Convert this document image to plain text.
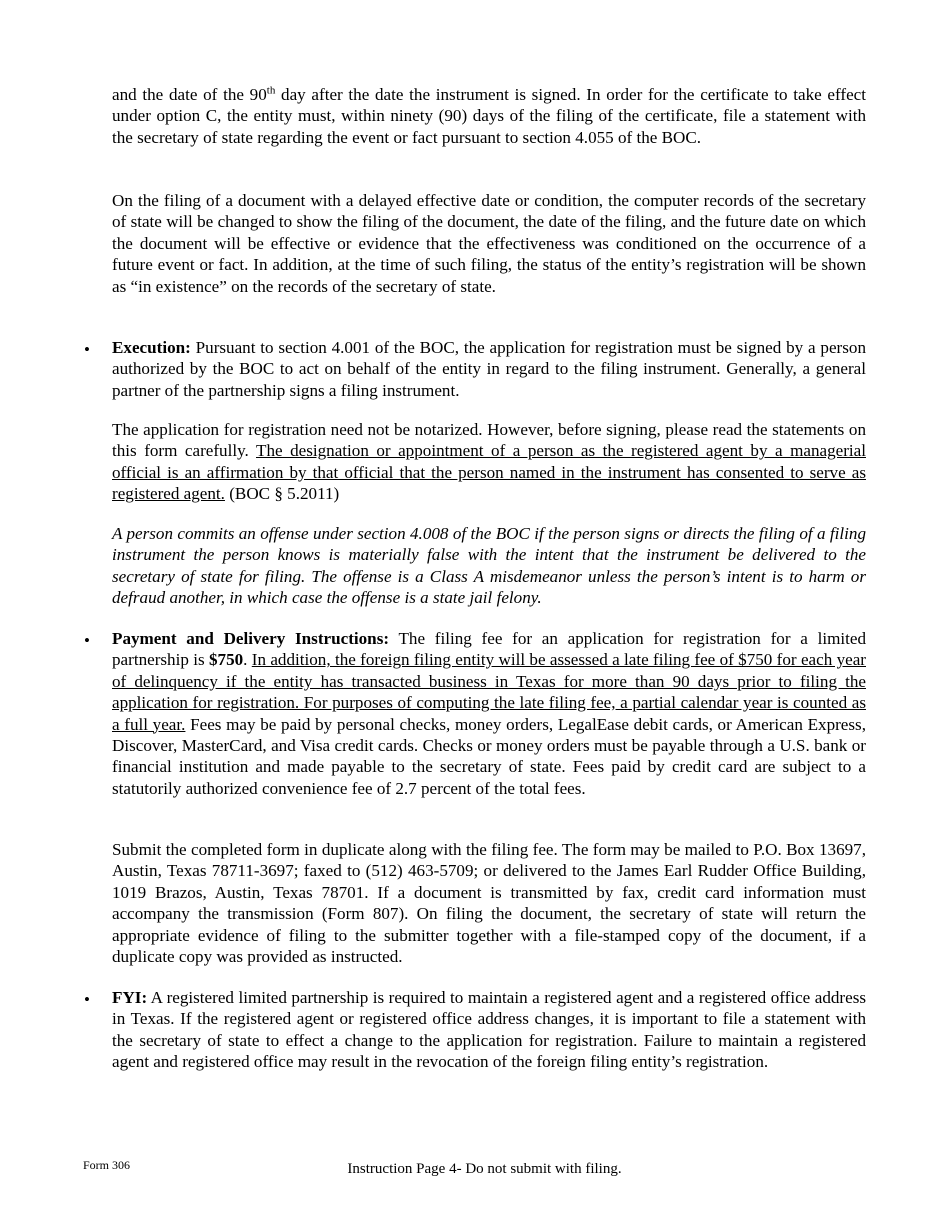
and the date of the 90th day after the date the instrument is signed. In order for the certificate to take effect under option C, the entity must, within ninety (90) days of the filing of the certificate, file a statement with the secretary of state regarding the event or fact pursuant to section 4.055 of the BOC.

On the filing of a document with a delayed effective date or condition, the computer records of the secretary of state will be changed to show the filing of the document, the date of the filing, and the future date on which the document will be effective or evidence that the effectiveness was conditioned on the occurrence of a future event or fact. In addition, at the time of such filing, the status of the entity’s registration will be shown as “in existence” on the records of the secretary of state.

• Execution: Pursuant to section 4.001 of the BOC, the application for registration must be signed by a person authorized by the BOC to act on behalf of the entity in regard to the filing instrument. Generally, a general partner of the partnership signs a filing instrument.

The application for registration need not be notarized. However, before signing, please read the statements on this form carefully. The designation or appointment of a person as the registered agent by a managerial official is an affirmation by that official that the person named in the instrument has consented to serve as registered agent. (BOC § 5.2011)

A person commits an offense under section 4.008 of the BOC if the person signs or directs the filing of a filing instrument the person knows is materially false with the intent that the instrument be delivered to the secretary of state for filing. The offense is a Class A misdemeanor unless the person’s intent is to harm or defraud another, in which case the offense is a state jail felony.

• Payment and Delivery Instructions: The filing fee for an application for registration for a limited partnership is $750. In addition, the foreign filing entity will be assessed a late filing fee of $750 for each year of delinquency if the entity has transacted business in Texas for more than 90 days prior to filing the application for registration. For purposes of computing the late filing fee, a partial calendar year is counted as a full year. Fees may be paid by personal checks, money orders, LegalEase debit cards, or American Express, Discover, MasterCard, and Visa credit cards. Checks or money orders must be payable through a U.S. bank or financial institution and made payable to the secretary of state. Fees paid by credit card are subject to a statutorily authorized convenience fee of 2.7 percent of the total fees.

Submit the completed form in duplicate along with the filing fee. The form may be mailed to P.O. Box 13697, Austin, Texas 78711-3697; faxed to (512) 463-5709; or delivered to the James Earl Rudder Office Building, 1019 Brazos, Austin, Texas 78701. If a document is transmitted by fax, credit card information must accompany the transmission (Form 807). On filing the document, the secretary of state will return the appropriate evidence of filing to the submitter together with a file-stamped copy of the document, if a duplicate copy was provided as instructed.

• FYI: A registered limited partnership is required to maintain a registered agent and a registered office address in Texas. If the registered agent or registered office address changes, it is important to file a statement with the secretary of state to effect a change to the application for registration. Failure to maintain a registered agent and registered office may result in the revocation of the foreign filing entity’s registration.

Form 306	Instruction Page 4- Do not submit with filing.
